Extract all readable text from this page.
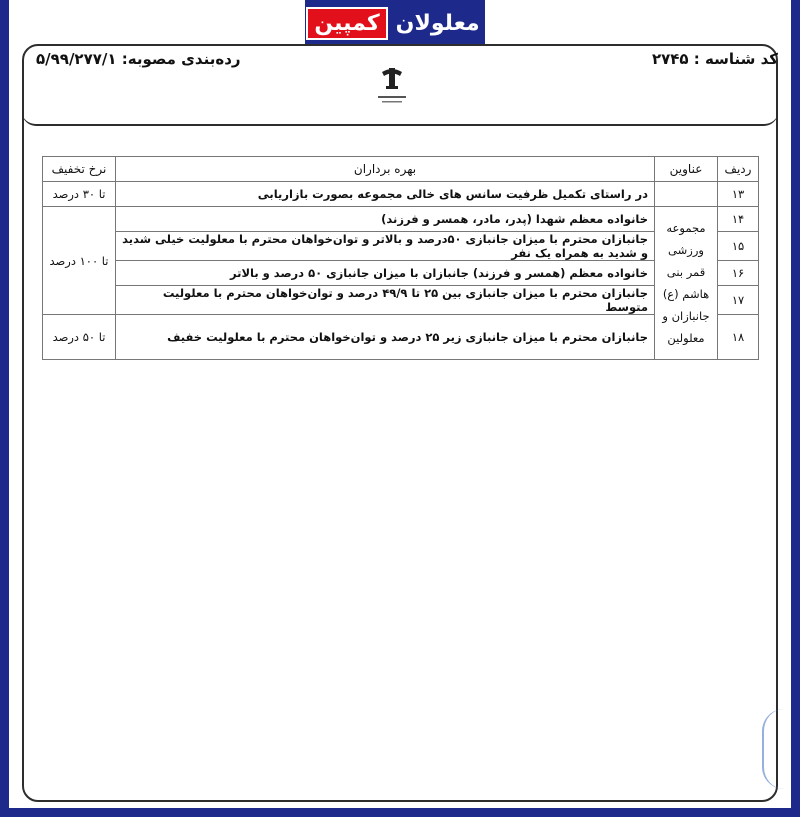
کمپین معلولان
کد شناسه : ۲۷۴۵
رده‌بندی مصوبه: ۵/۹۹/۲۷۷/۱
ردیف	عناوین	بهره برداران	نرخ تخفیف
۱۳		در راستای تکمیل ظرفیت سانس های خالی مجموعه بصورت بازاریابی	تا ۳۰ درصد
۱۴	مجموعه ورزشی قمر بنی هاشم (ع) جانبازان و معلولین	خانواده معظم شهدا (پدر، مادر، همسر و فرزند)	تا ۱۰۰ درصد
۱۵		جانبازان محترم با میزان جانبازی ۵۰درصد و بالاتر و توان‌خواهان محترم با معلولیت خیلی شدید و شدید به همراه یک نفر	
۱۶		خانواده معظم (همسر و فرزند) جانبازان با میزان جانبازی ۵۰ درصد و بالاتر	
۱۷		جانبازان محترم با میزان جانبازی بین ۲۵ تا ۴۹/۹ درصد و توان‌خواهان محترم با معلولیت متوسط	
۱۸		جانبازان محترم با میزان جانبازی زیر ۲۵ درصد و توان‌خواهان محترم با معلولیت خفیف	تا ۵۰ درصد
